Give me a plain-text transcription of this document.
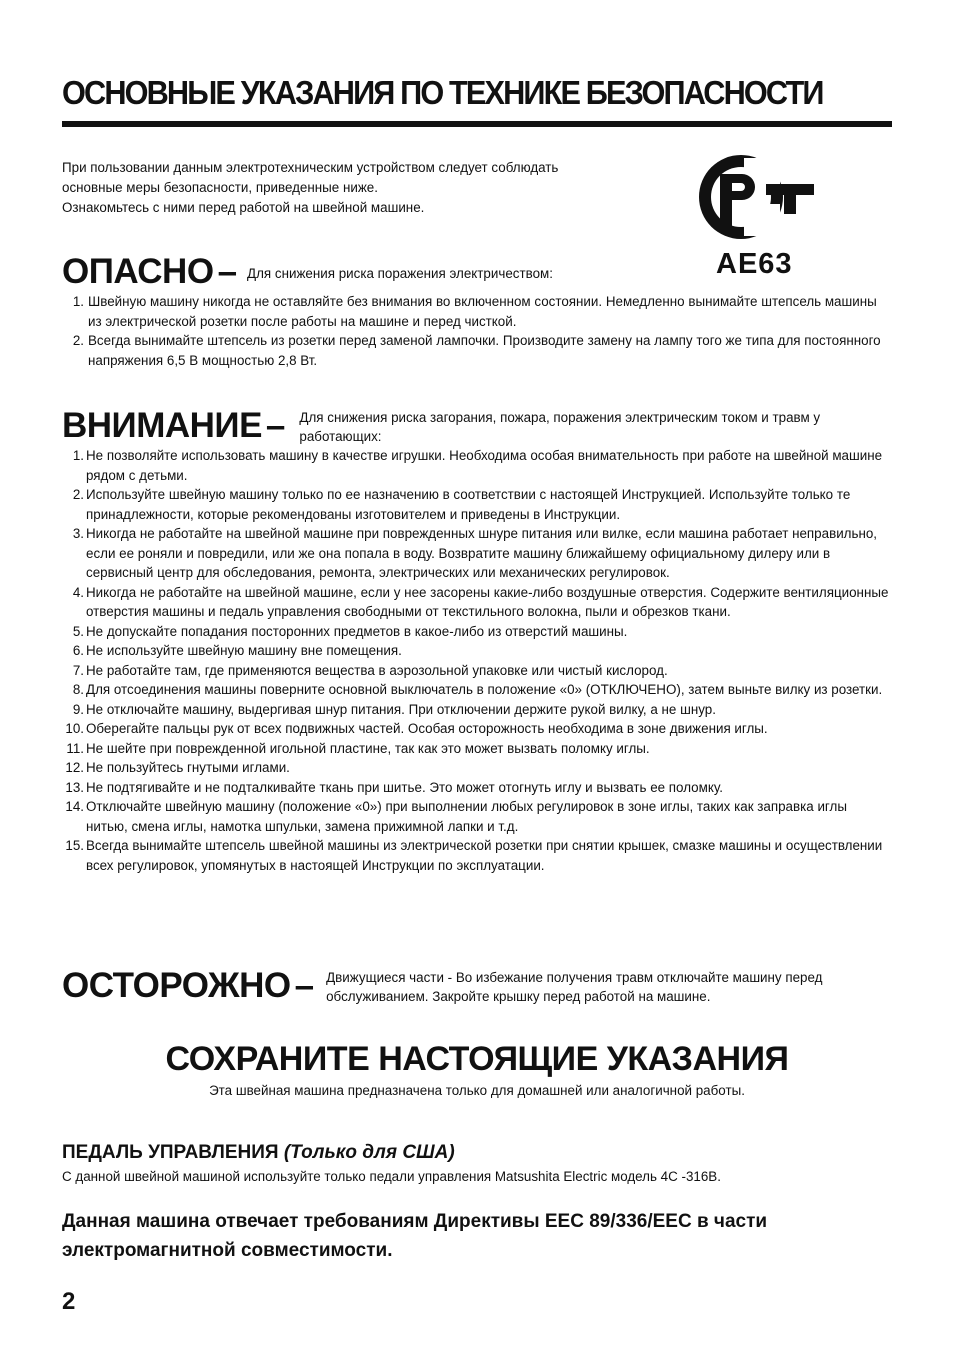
ОСНОВНЫЕ УКАЗАНИЯ ПО ТЕХНИКЕ БЕЗОПАСНОСТИ
При пользовании данным электротехническим устройством следует соблюдать
основные меры безопасности, приведенные ниже.
Ознакомьтесь с ними перед работой на швейной машине.
AE63
ОПАСНО – Для снижения риска поражения электричеством:
1. Швейную машину никогда не оставляйте без внимания во включенном состоянии. Немедленно вынимайте штепсель машины из электрической розетки после работы на машине и перед чисткой.
2. Всегда вынимайте штепсель из розетки перед заменой лампочки. Производите замену на лампу того же типа для постоянного напряжения 6,5 В мощностью 2,8 Вт.
ВНИМАНИЕ – Для снижения риска загорания, пожара, поражения электрическим током и травм у работающих:
1. Не позволяйте использовать машину в качестве игрушки. Необходима особая внимательность при работе на швейной машине рядом с детьми.
2. Используйте швейную машину только по ее назначению в соответствии с настоящей Инструкцией. Используйте только те принадлежности, которые рекомендованы изготовителем и приведены в Инструкции.
3. Никогда не работайте на швейной машине при поврежденных шнуре питания или вилке, если машина работает неправильно, если ее роняли и повредили, или же она попала в воду. Возвратите машину ближайшему официальному дилеру или в сервисный центр для обследования, ремонта, электрических или механических регулировок.
4. Никогда не работайте на швейной машине, если у нее засорены какие-либо воздушные отверстия. Содержите вентиляционные отверстия машины и педаль управления свободными от текстильного волокна, пыли и обрезков ткани.
5. Не допускайте попадания посторонних предметов в какое-либо из отверстий машины.
6. Не используйте швейную машину вне помещения.
7. Не работайте там, где применяются вещества в аэрозольной упаковке или чистый кислород.
8. Для отсоединения машины поверните основной выключатель в положение «0» (ОТКЛЮЧЕНО), затем выньте вилку из розетки.
9. Не отключайте машину, выдергивая шнур питания. При отключении держите рукой вилку, а не шнур.
10. Оберегайте пальцы рук от всех подвижных частей. Особая осторожность необходима в зоне движения иглы.
11. Не шейте при поврежденной игольной пластине, так как это может вызвать поломку иглы.
12. Не пользуйтесь гнутыми иглами.
13. Не подтягивайте и не подталкивайте ткань при шитье. Это может отогнуть иглу и вызвать ее поломку.
14. Отключайте швейную машину (положение «0») при выполнении любых регулировок в зоне иглы, таких как заправка иглы нитью, смена иглы, намотка шпульки, замена прижимной лапки и т.д.
15. Всегда вынимайте штепсель швейной машины из электрической розетки при снятии крышек, смазке машины и осуществлении всех регулировок, упомянутых в настоящей Инструкции по эксплуатации.
ОСТОРОЖНО – Движущиеся части - Во избежание получения травм отключайте машину перед обслуживанием. Закройте крышку перед работой на машине.
СОХРАНИТЕ НАСТОЯЩИЕ УКАЗАНИЯ
Эта швейная машина предназначена только для домашней или аналогичной работы.
ПЕДАЛЬ УПРАВЛЕНИЯ (Только для США)
С данной швейной машиной используйте только педали управления Matsushita Electric модель 4C -316B.
Данная машина отвечает требованиям Директивы EEC 89/336/EEC в части электромагнитной совместимости.
2
